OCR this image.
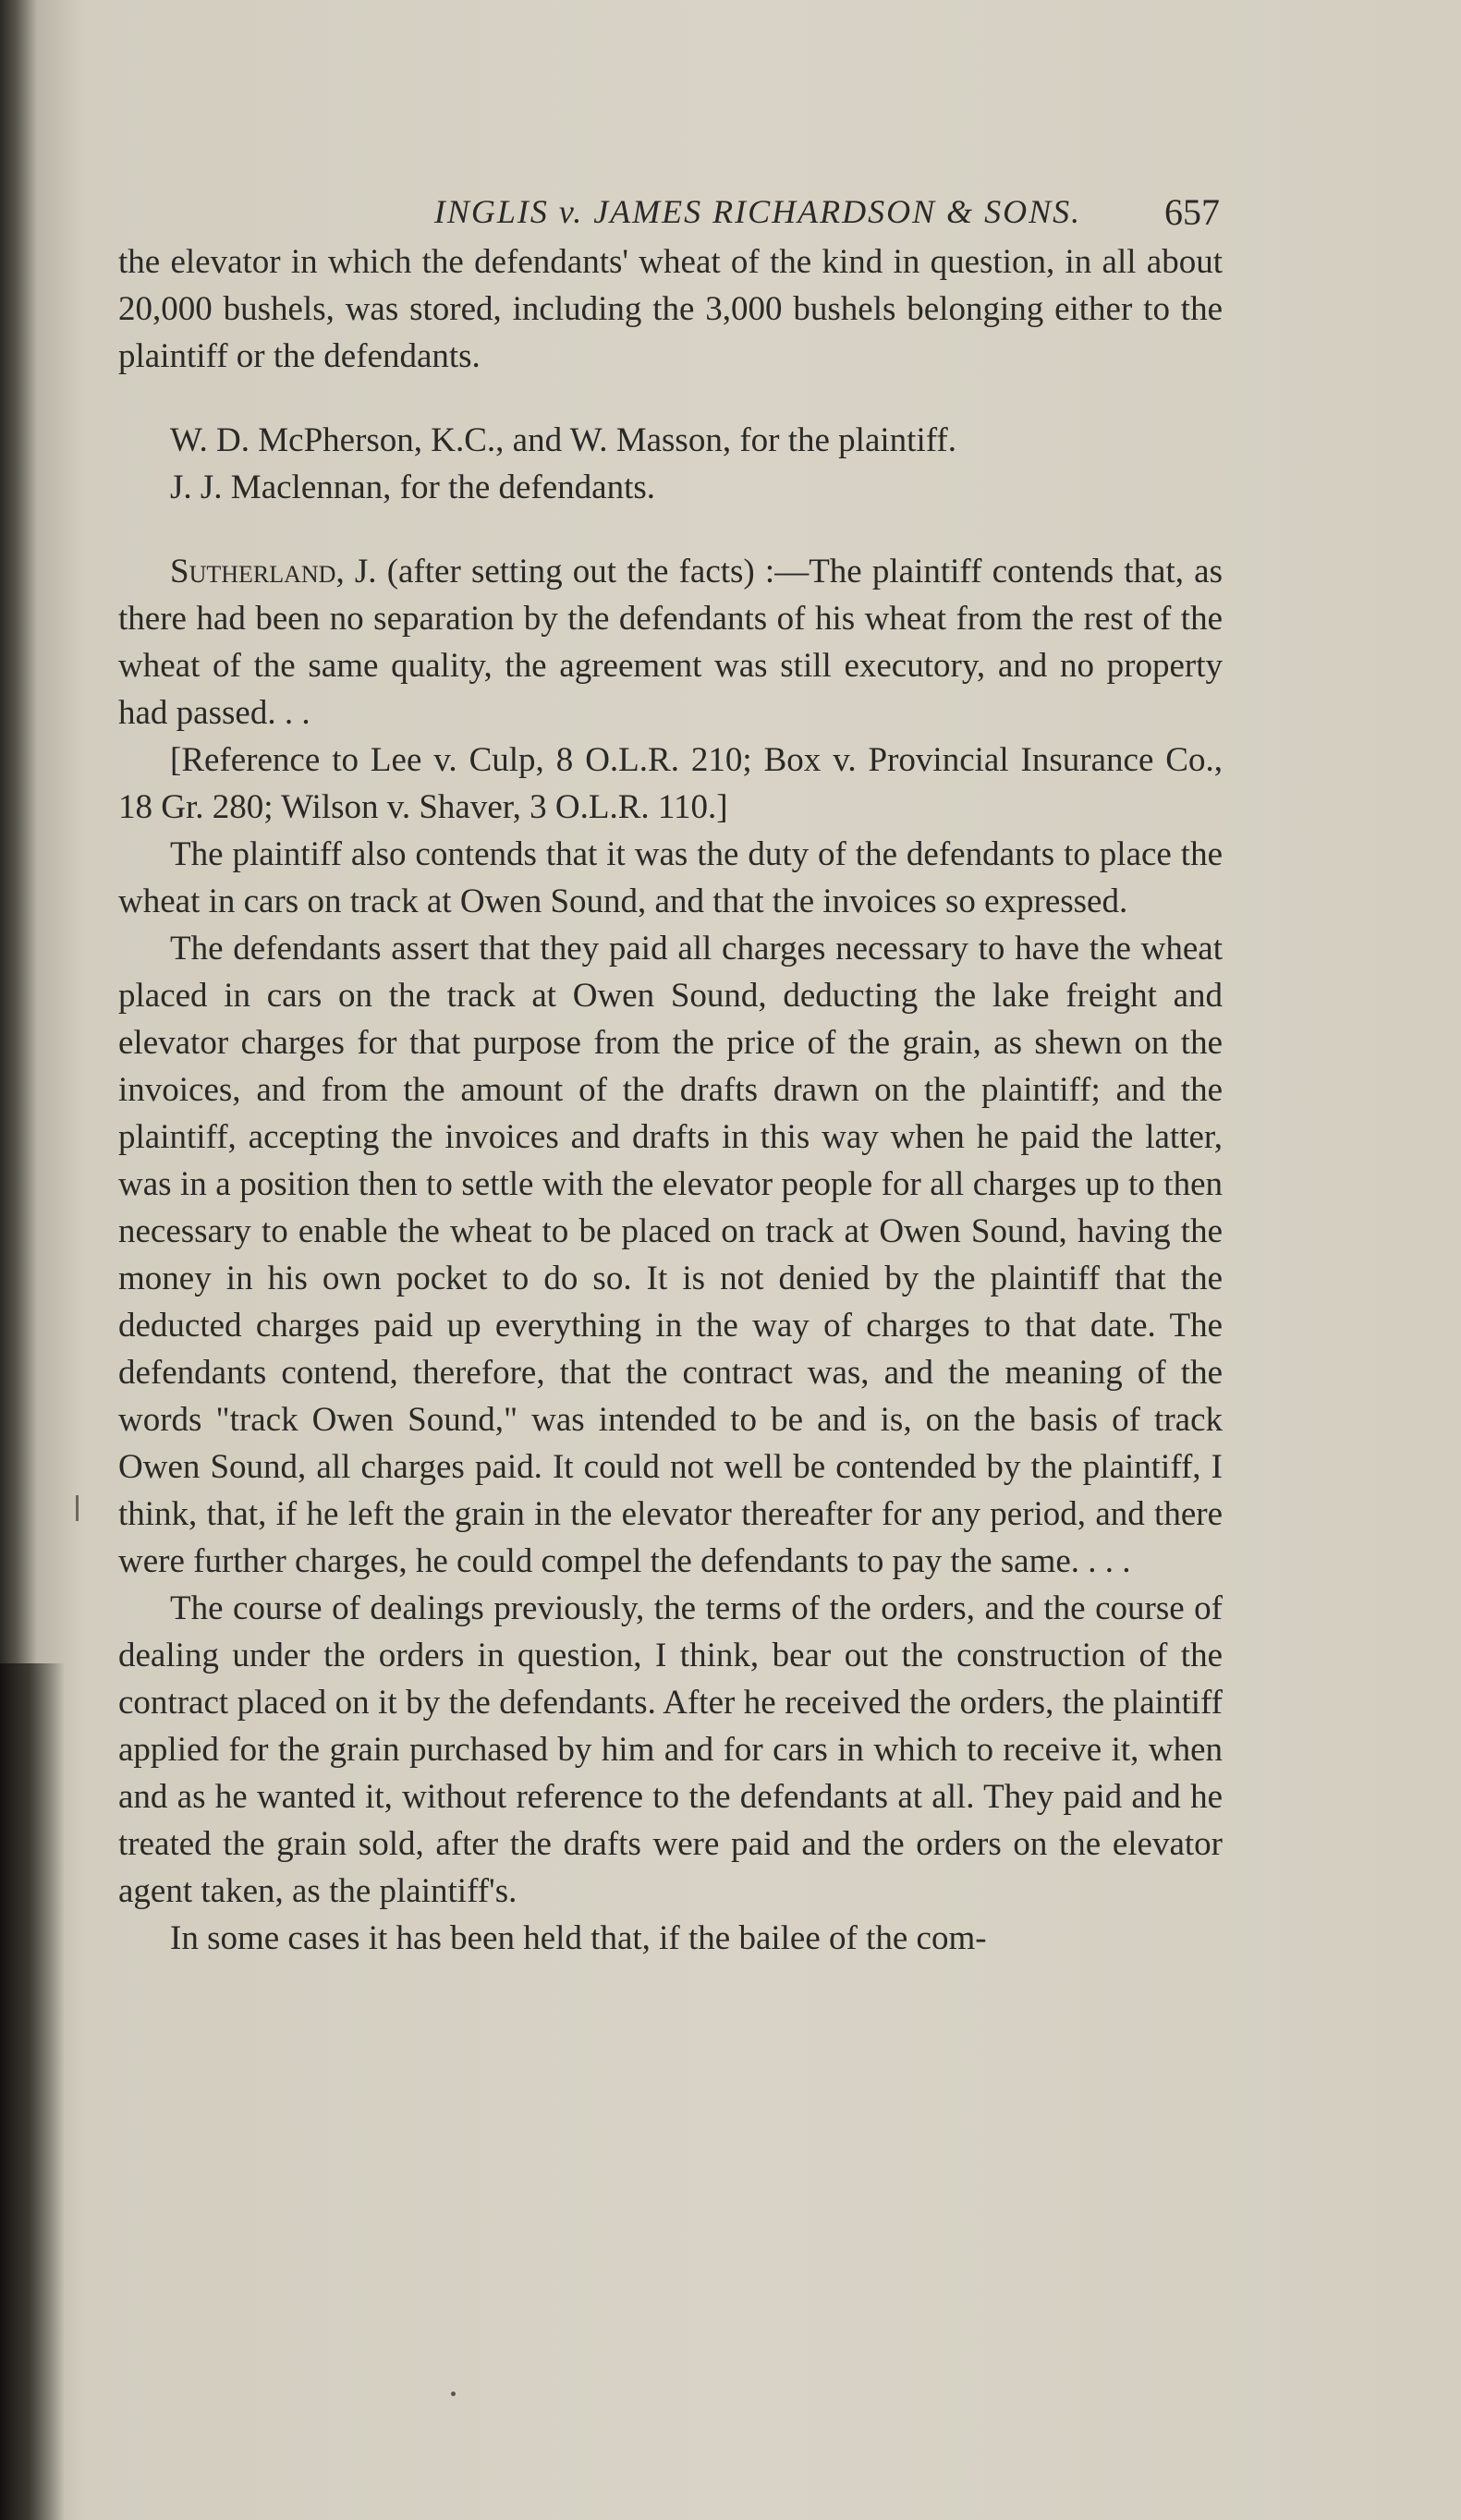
INGLIS v. JAMES RICHARDSON & SONS.	657

the elevator in which the defendants' wheat of the kind in question, in all about 20,000 bushels, was stored, including the 3,000 bushels belonging either to the plaintiff or the defendants.

W. D. McPherson, K.C., and W. Masson, for the plaintiff.

J. J. Maclennan, for the defendants.

Sutherland, J. (after setting out the facts) :—The plaintiff contends that, as there had been no separation by the defendants of his wheat from the rest of the wheat of the same quality, the agreement was still executory, and no property had passed. . .

[Reference to Lee v. Culp, 8 O.L.R. 210; Box v. Provincial Insurance Co., 18 Gr. 280; Wilson v. Shaver, 3 O.L.R. 110.]

The plaintiff also contends that it was the duty of the defendants to place the wheat in cars on track at Owen Sound, and that the invoices so expressed.

The defendants assert that they paid all charges necessary to have the wheat placed in cars on the track at Owen Sound, deducting the lake freight and elevator charges for that purpose from the price of the grain, as shewn on the invoices, and from the amount of the drafts drawn on the plaintiff; and the plaintiff, accepting the invoices and drafts in this way when he paid the latter, was in a position then to settle with the elevator people for all charges up to then necessary to enable the wheat to be placed on track at Owen Sound, having the money in his own pocket to do so. It is not denied by the plaintiff that the deducted charges paid up everything in the way of charges to that date. The defendants contend, therefore, that the contract was, and the meaning of the words "track Owen Sound," was intended to be and is, on the basis of track Owen Sound, all charges paid. It could not well be contended by the plaintiff, I think, that, if he left the grain in the elevator thereafter for any period, and there were further charges, he could compel the defendants to pay the same. . . .

The course of dealings previously, the terms of the orders, and the course of dealing under the orders in question, I think, bear out the construction of the contract placed on it by the defendants. After he received the orders, the plaintiff applied for the grain purchased by him and for cars in which to receive it, when and as he wanted it, without reference to the defendants at all. They paid and he treated the grain sold, after the drafts were paid and the orders on the elevator agent taken, as the plaintiff's.

In some cases it has been held that, if the bailee of the com-
